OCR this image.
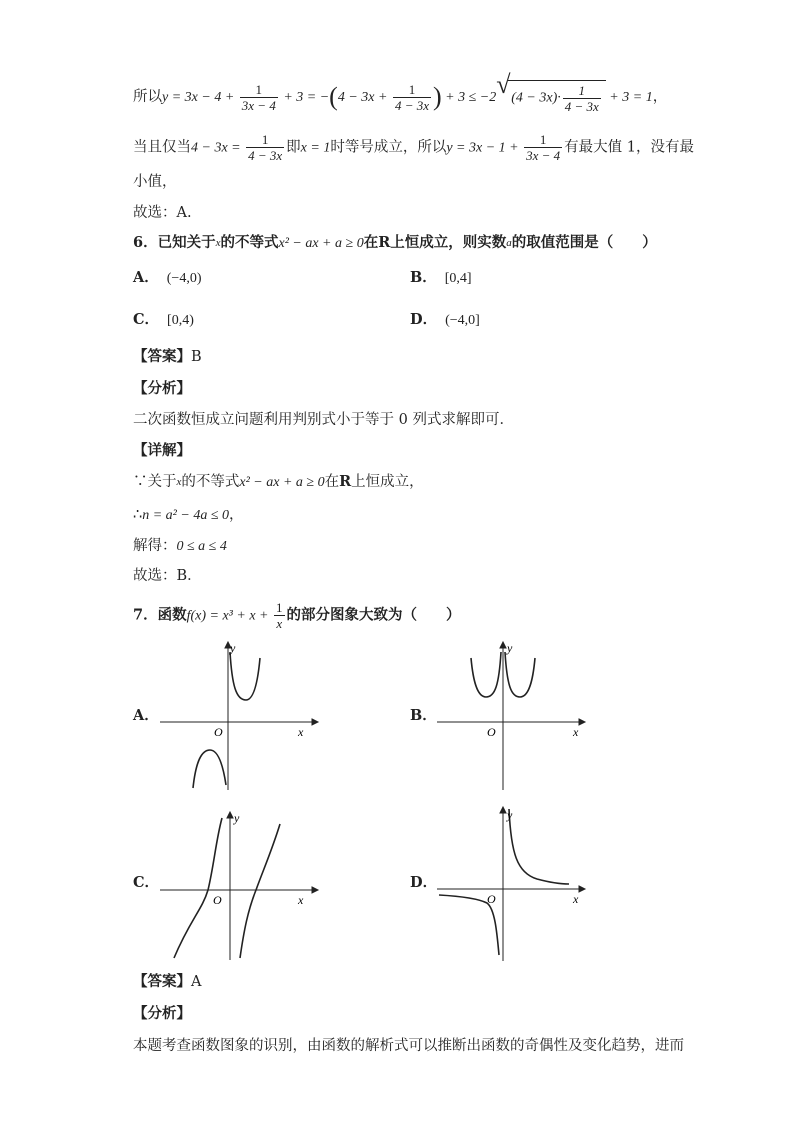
所以$y = 3x - 4 + \frac{1}{3x - 4} + 3 = -(4 - 3x + \frac{1}{4 - 3x}$ ) + 3 ≤ −2√ $(4 - 3x)\cdot \frac{1}{4 - 3x} + 3 = 1$，
当且仅当$4 - 3x = \frac{1}{4 - 3x}$ 即x = 1时等号成立，所以$y = 3x - 1 + \frac{1}{3x - 4}$ 有最大值 1，没有最
小值，
故选：A.
6．已知关于$^x$的不等式x² − ax + a ≥ 0在R上恒成立，则实数$^a$的取值范围是（　　）
A． (−4,0)	B． [0,4]
C． [0,4)	D． (−4,0]
【答案】B
【分析】
二次函数恒成立问题利用判别式小于等于 0 列式求解即可．
【详解】
∵关于$^x$的不等式x² − ax + a ≥ 0在R上恒成立，
∴n = a² − 4a ≤ 0，
解得：0 ≤ a ≤ 4
故选：B．
7．函数$f(x) = x^3 + x + \frac{1}{x}$ 的部分图象大致为（　　）
A．	B．
C．	D．
y
x
O
y
x
O
y
x
O
y
x
O
【答案】A
【分析】
本题考查函数图象的识别，由函数的解析式可以推断出函数的奇偶性及变化趋势，进而
